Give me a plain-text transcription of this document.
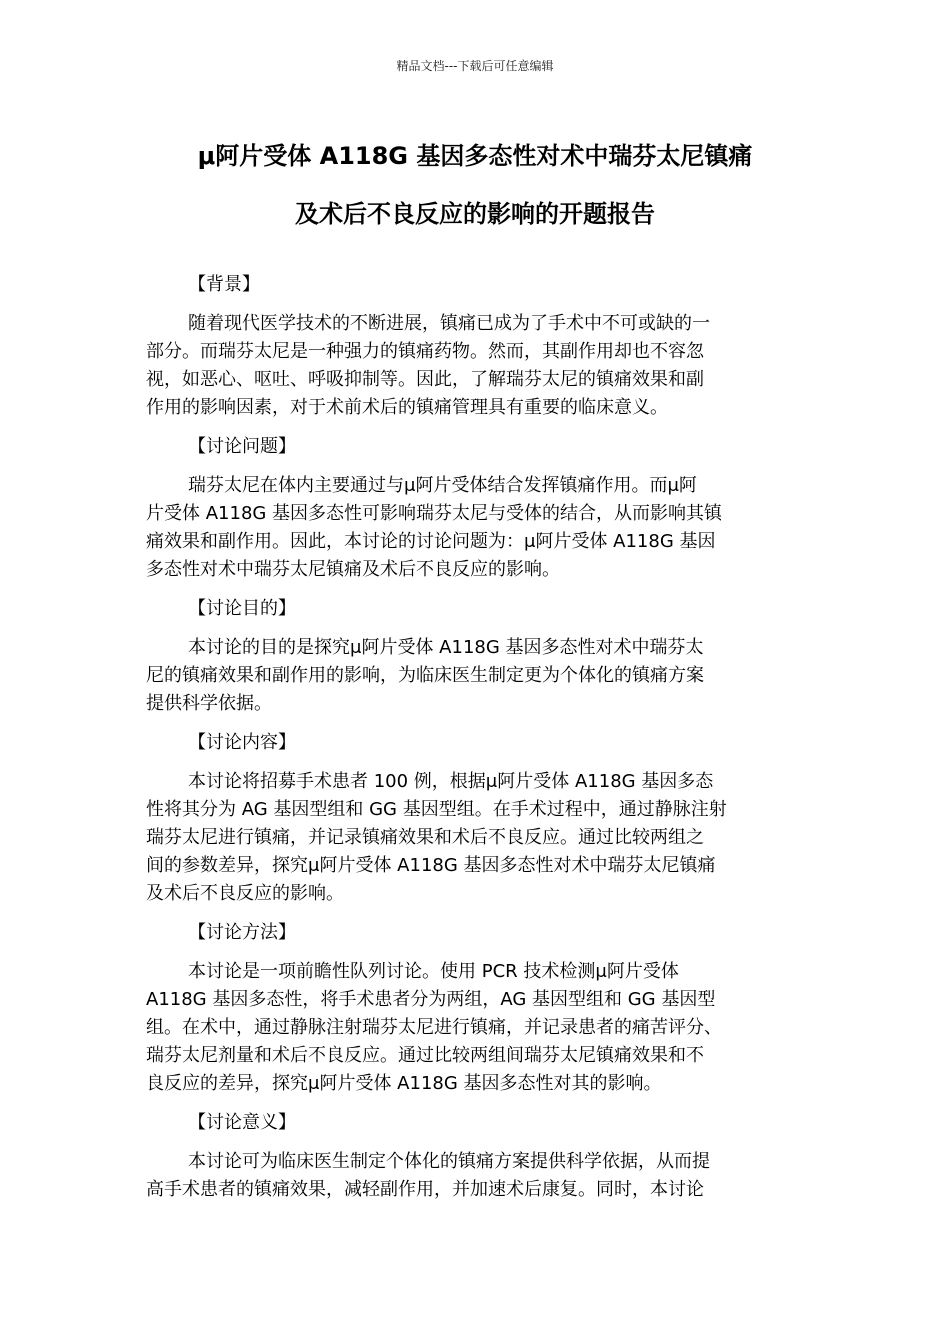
精品文档---下载后可任意编辑
μ阿片受体 A118G 基因多态性对术中瑞芬太尼镇痛
及术后不良反应的影响的开题报告
【背景】
随着现代医学技术的不断进展，镇痛已成为了手术中不可或缺的一
部分。而瑞芬太尼是一种强力的镇痛药物。然而，其副作用却也不容忽
视，如恶心、呕吐、呼吸抑制等。因此，了解瑞芬太尼的镇痛效果和副
作用的影响因素，对于术前术后的镇痛管理具有重要的临床意义。
【讨论问题】
瑞芬太尼在体内主要通过与μ阿片受体结合发挥镇痛作用。而μ阿
片受体 A118G 基因多态性可影响瑞芬太尼与受体的结合，从而影响其镇
痛效果和副作用。因此，本讨论的讨论问题为：μ阿片受体 A118G 基因
多态性对术中瑞芬太尼镇痛及术后不良反应的影响。
【讨论目的】
本讨论的目的是探究μ阿片受体 A118G 基因多态性对术中瑞芬太
尼的镇痛效果和副作用的影响，为临床医生制定更为个体化的镇痛方案
提供科学依据。
【讨论内容】
本讨论将招募手术患者 100 例，根据μ阿片受体 A118G 基因多态
性将其分为 AG 基因型组和 GG 基因型组。在手术过程中，通过静脉注射
瑞芬太尼进行镇痛，并记录镇痛效果和术后不良反应。通过比较两组之
间的参数差异，探究μ阿片受体 A118G 基因多态性对术中瑞芬太尼镇痛
及术后不良反应的影响。
【讨论方法】
本讨论是一项前瞻性队列讨论。使用 PCR 技术检测μ阿片受体
A118G 基因多态性，将手术患者分为两组，AG 基因型组和 GG 基因型
组。在术中，通过静脉注射瑞芬太尼进行镇痛，并记录患者的痛苦评分、
瑞芬太尼剂量和术后不良反应。通过比较两组间瑞芬太尼镇痛效果和不
良反应的差异，探究μ阿片受体 A118G 基因多态性对其的影响。
【讨论意义】
本讨论可为临床医生制定个体化的镇痛方案提供科学依据，从而提
高手术患者的镇痛效果，减轻副作用，并加速术后康复。同时，本讨论
